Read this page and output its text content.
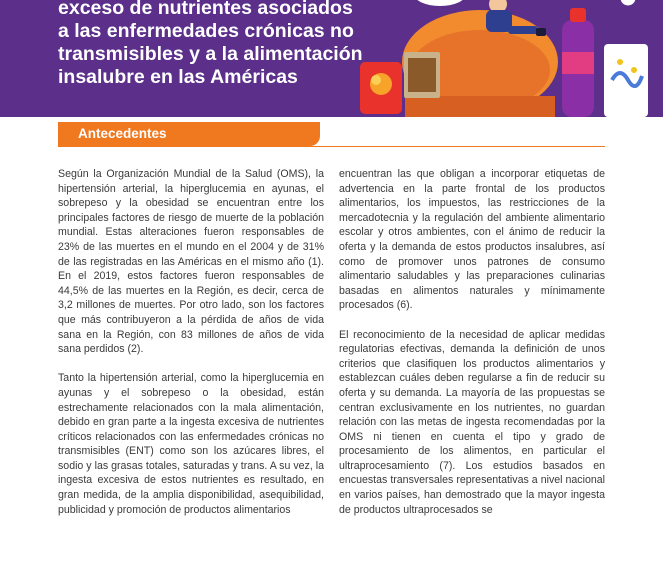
exceso de nutrientes asociados
a las enfermedades crónicas no
transmisibles y a la alimentación
insalubre en las Américas
Antecedentes

Según la Organización Mundial de la Salud (OMS), la hipertensión arterial, la hiperglucemia en ayunas, el sobrepeso y la obesidad se encuentran entre los principales factores de riesgo de muerte de la población mundial. Estas alteraciones fueron responsables de 23% de las muertes en el mundo en el 2004 y de 31% de las registradas en las Américas en el mismo año (1). En el 2019, estos factores fueron responsables de 44,5% de las muertes en la Región, es decir, cerca de 3,2 millones de muertes. Por otro lado, son los factores que más contribuyeron a la pérdida de años de vida sana en la Región, con 83 millones de años de vida sana perdidos (2).

Tanto la hipertensión arterial, como la hiperglucemia en ayunas y el sobrepeso o la obesidad, están estrechamente relacionados con la mala alimentación, debido en gran parte a la ingesta excesiva de nutrientes críticos relacionados con las enfermedades crónicas no transmisibles (ENT) como son los azúcares libres, el sodio y las grasas totales, saturadas y trans. A su vez, la ingesta excesiva de estos nutrientes es resultado, en gran medida, de la amplia disponibilidad, asequibilidad, publicidad y promoción de productos alimentarios

encuentran las que obligan a incorporar etiquetas de advertencia en la parte frontal de los productos alimentarios, los impuestos, las restricciones de la mercadotecnia y la regulación del ambiente alimentario escolar y otros ambientes, con el ánimo de reducir la oferta y la demanda de estos productos insalubres, así como de promover unos patrones de consumo alimentario saludables y las preparaciones culinarias basadas en alimentos naturales y mínimamente procesados (6).

El reconocimiento de la necesidad de aplicar medidas regulatorias efectivas, demanda la definición de unos criterios que clasifiquen los productos alimentarios y establezcan cuáles deben regularse a fin de reducir su oferta y su demanda. La mayoría de las propuestas se centran exclusivamente en los nutrientes, no guardan relación con las metas de ingesta recomendadas por la OMS ni tienen en cuenta el tipo y grado de procesamiento de los alimentos, en particular el ultraprocesamiento (7). Los estudios basados en encuestas transversales representativas a nivel nacional en varios países, han demostrado que la mayor ingesta de productos ultraprocesados se
